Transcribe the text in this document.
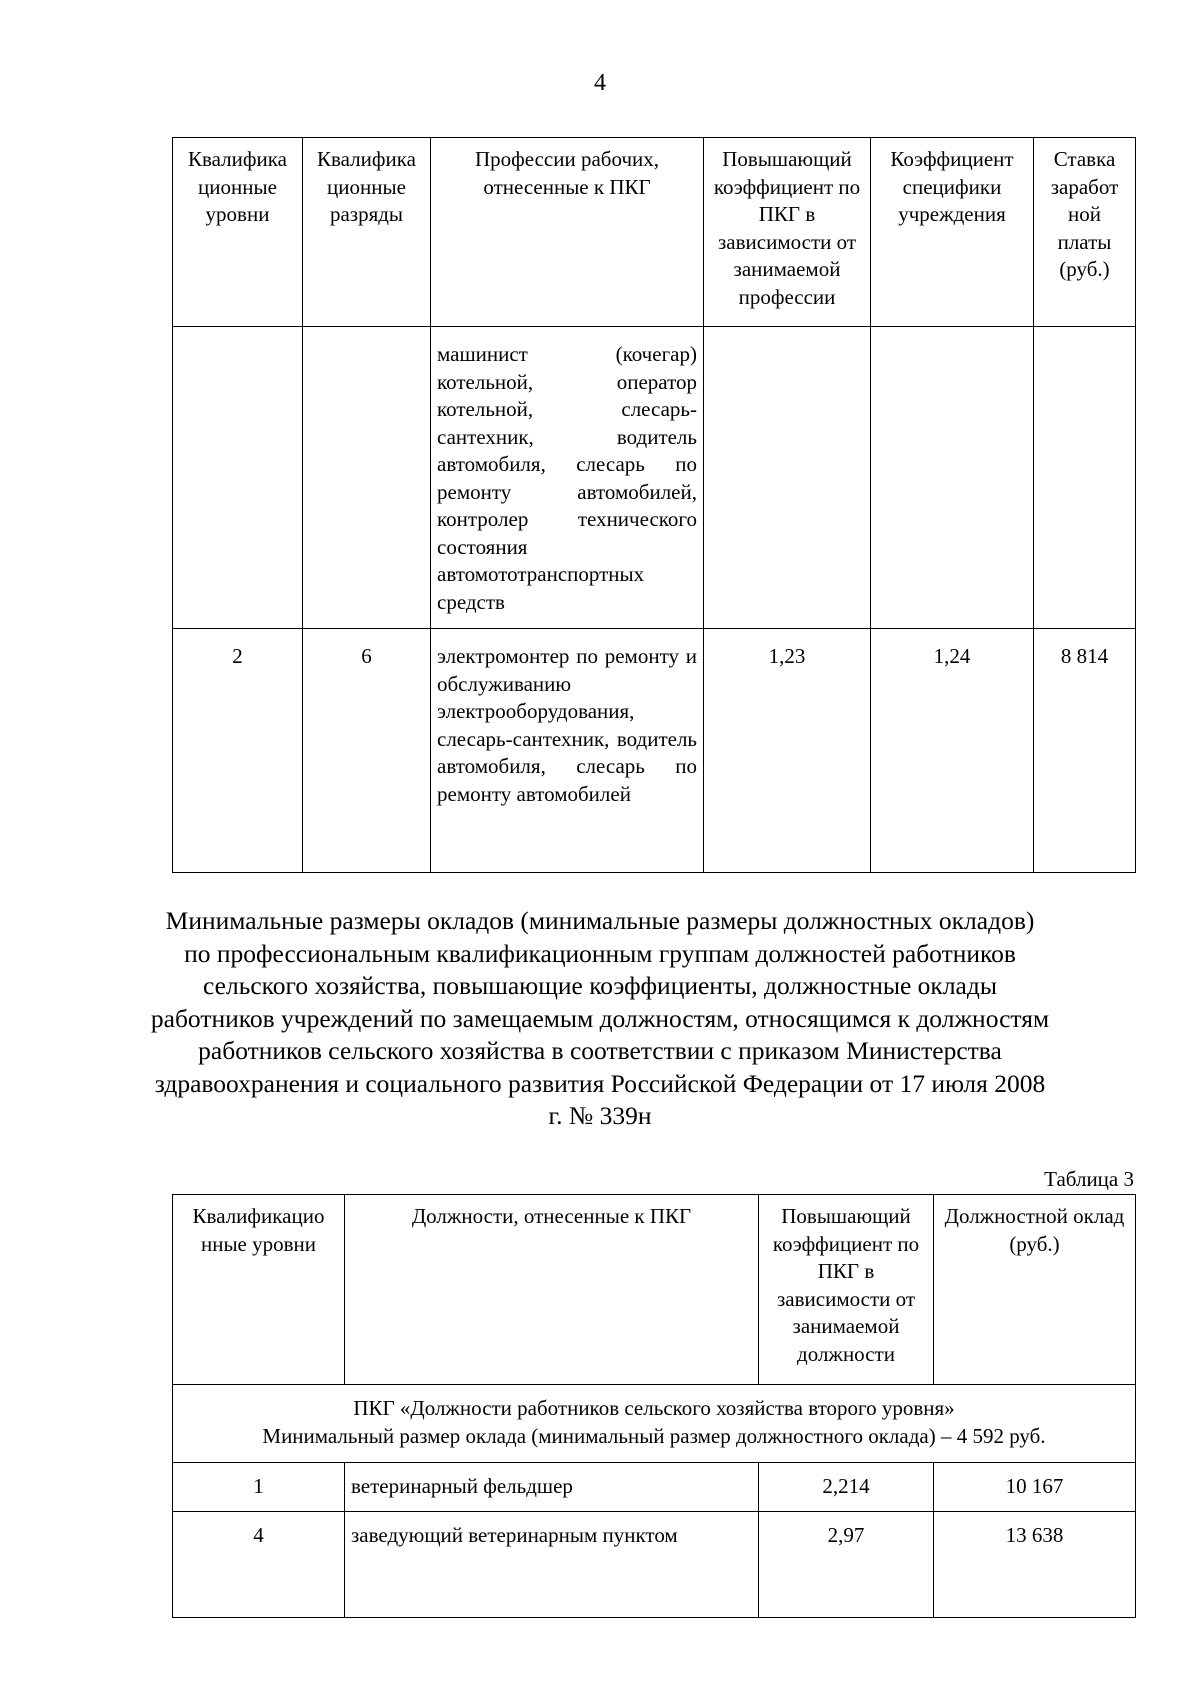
4
Квалифика ционные уровни	Квалифика ционные разряды	Профессии рабочих, отнесенные к ПКГ	Повышающий коэффициент по ПКГ в зависимости от занимаемой профессии	Коэффициент специфики учреждения	Ставка заработ ной платы (руб.)
		машинист (кочегар) котельной, оператор котельной, слесарь-сантехник, водитель автомобиля, слесарь по ремонту автомобилей, контролер технического состояния автомототранспортных средств			
2	6	электромонтер по ремонту и обслуживанию электрооборудования, слесарь-сантехник, водитель автомобиля, слесарь по ремонту автомобилей	1,23	1,24	8 814
Минимальные размеры окладов (минимальные размеры должностных окладов) по профессиональным квалификационным группам должностей работников сельского хозяйства, повышающие коэффициенты, должностные оклады работников учреждений по замещаемым должностям, относящимся к должностям работников сельского хозяйства в соответствии с приказом Министерства здравоохранения и социального развития Российской Федерации от 17 июля 2008 г. № 339н
Таблица 3
Квалификацио нные уровни	Должности, отнесенные к ПКГ	Повышающий коэффициент по ПКГ в зависимости от занимаемой должности	Должностной оклад (руб.)

ПКГ «Должности работников сельского хозяйства второго уровня»
Минимальный размер оклада (минимальный размер должностного оклада) – 4 592 руб.			

1	ветеринарный фельдшер	2,214	10 167
4	заведующий ветеринарным пунктом	2,97	13 638
